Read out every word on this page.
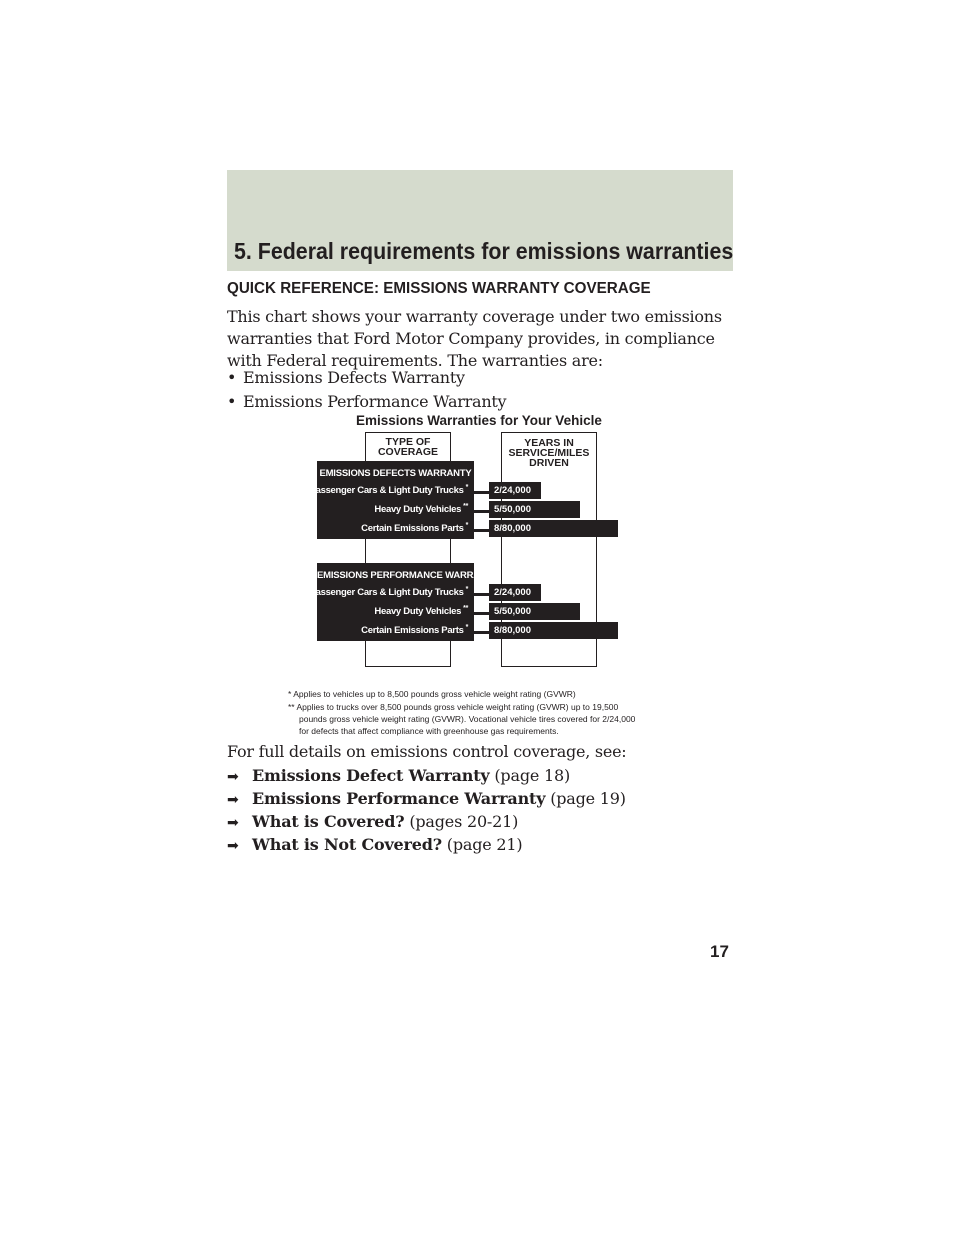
5. Federal requirements for emissions warranties
QUICK REFERENCE: EMISSIONS WARRANTY COVERAGE

This chart shows your warranty coverage under two emissions warranties that Ford Motor Company provides, in compliance with Federal requirements. The warranties are:

• Emissions Defects Warranty
• Emissions Performance Warranty
Emissions Warranties for Your Vehicle
TYPE OF
COVERAGE
YEARS IN
SERVICE/MILES
DRIVEN
EMISSIONS DEFECTS WARRANTY
Passenger Cars & Light Duty Trucks *	2/24,000
Heavy Duty Vehicles **	5/50,000
Certain Emissions Parts *	8/80,000
EMISSIONS PERFORMANCE WARRANTY
Passenger Cars & Light Duty Trucks *	2/24,000
Heavy Duty Vehicles **	5/50,000
Certain Emissions Parts *	8/80,000
* Applies to vehicles up to 8,500 pounds gross vehicle weight rating (GVWR)
** Applies to trucks over 8,500 pounds gross vehicle weight rating (GVWR) up to 19,500
pounds gross vehicle weight rating (GVWR). Vocational vehicle tires covered for 2/24,000
for defects that affect compliance with greenhouse gas requirements.

For full details on emissions control coverage, see:

➡ Emissions Defect Warranty (page 18)
➡ Emissions Performance Warranty (page 19)
➡ What is Covered? (pages 20-21)
➡ What is Not Covered? (page 21)

17
